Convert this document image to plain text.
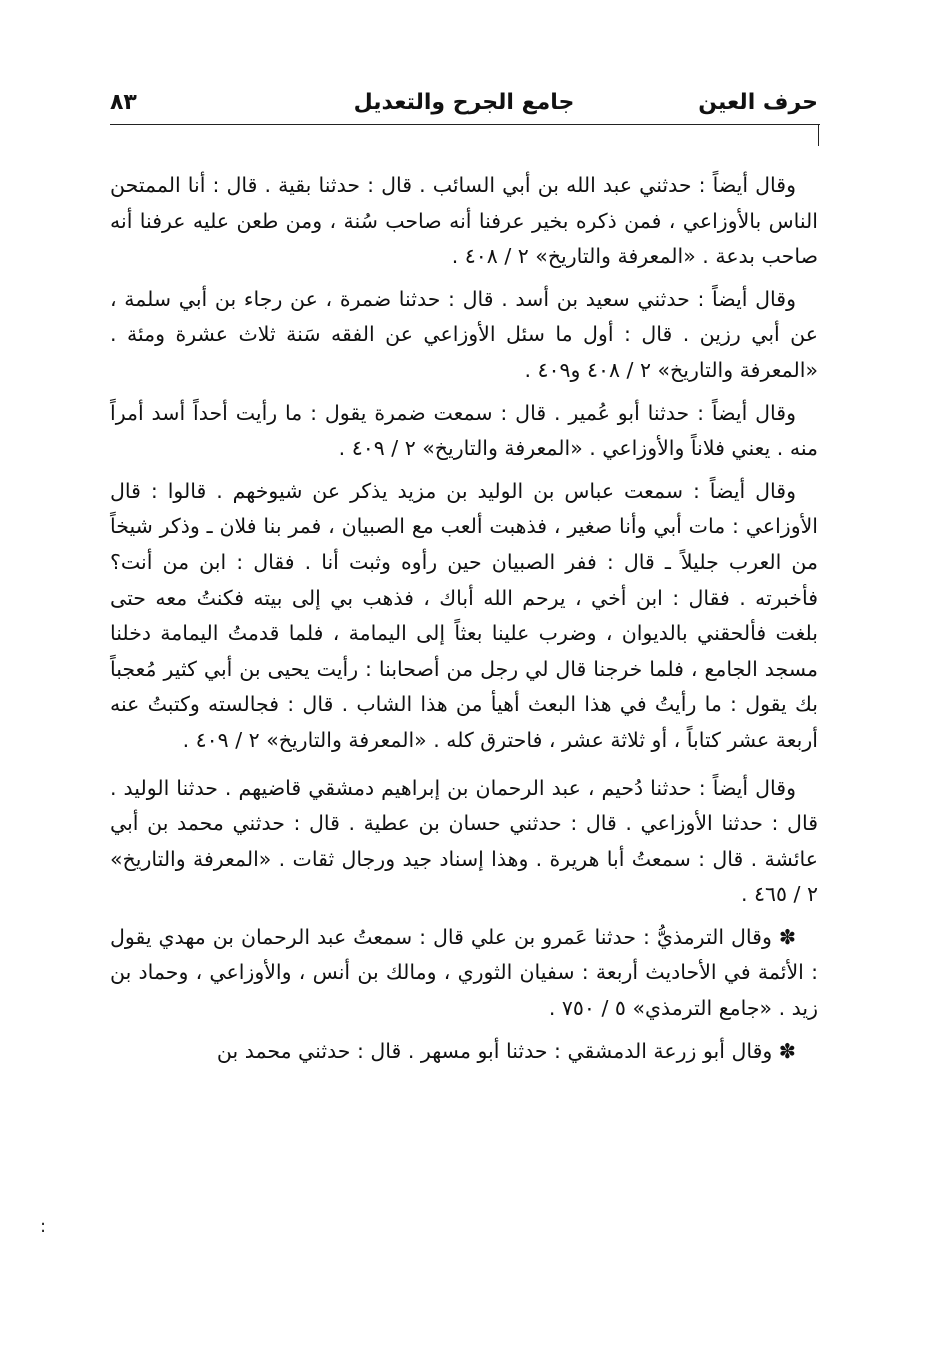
حرف العين
جامع الجرح والتعديل
٨٣

وقال أيضاً : حدثني عبد الله بن أبي السائب . قال : حدثنا بقية . قال : أنا الممتحن الناس بالأوزاعي ، فمن ذكره بخير عرفنا أنه صاحب سُنة ، ومن طعن عليه عرفنا أنه صاحب بدعة . «المعرفة والتاريخ» ٢ / ٤٠٨ .

وقال أيضاً : حدثني سعيد بن أسد . قال : حدثنا ضمرة ، عن رجاء بن أبي سلمة ، عن أبي رزين . قال : أول ما سئل الأوزاعي عن الفقه سَنة ثلاث عشرة ومئة . «المعرفة والتاريخ» ٢ / ٤٠٨ و٤٠٩ .

وقال أيضاً : حدثنا أبو عُمير . قال : سمعت ضمرة يقول : ما رأيت أحداً أسد أمراً منه . يعني فلاناً والأوزاعي . «المعرفة والتاريخ» ٢ / ٤٠٩ .

وقال أيضاً : سمعت عباس بن الوليد بن مزيد يذكر عن شيوخهم . قالوا : قال الأوزاعي : مات أبي وأنا صغير ، فذهبت ألعب مع الصبيان ، فمر بنا فلان ـ وذكر شيخاً من العرب جليلاً ـ قال : ففر الصبيان حين رأوه وثبت أنا . فقال : ابن من أنت؟ فأخبرته . فقال : ابن أخي ، يرحم الله أباك ، فذهب بي إلى بيته فكنتُ معه حتى بلغت فألحقني بالديوان ، وضرب علينا بعثاً إلى اليمامة ، فلما قدمتُ اليمامة دخلنا مسجد الجامع ، فلما خرجنا قال لي رجل من أصحابنا : رأيت يحيى بن أبي كثير مُعجباً بك يقول : ما رأيتُ في هذا البعث أهيأ من هذا الشاب . قال : فجالسته وكتبتُ عنه أربعة عشر كتاباً ، أو ثلاثة عشر ، فاحترق كله . «المعرفة والتاريخ» ٢ / ٤٠٩ .

وقال أيضاً : حدثنا دُحيم ، عبد الرحمان بن إبراهيم دمشقي قاضيهم . حدثنا الوليد . قال : حدثنا الأوزاعي . قال : حدثني حسان بن عطية . قال : حدثني محمد بن أبي عائشة . قال : سمعتُ أبا هريرة . وهذا إسناد جيد ورجال ثقات . «المعرفة والتاريخ» ٢ / ٤٦٥ .

✽ وقال الترمذيُّ : حدثنا عَمرو بن علي قال : سمعتُ عبد الرحمان بن مهدي يقول : الأئمة في الأحاديث أربعة : سفيان الثوري ، ومالك بن أنس ، والأوزاعي ، وحماد بن زيد . «جامع الترمذي» ٥ / ٧٥٠ .

✽ وقال أبو زرعة الدمشقي : حدثنا أبو مسهر . قال : حدثني محمد بن

:
